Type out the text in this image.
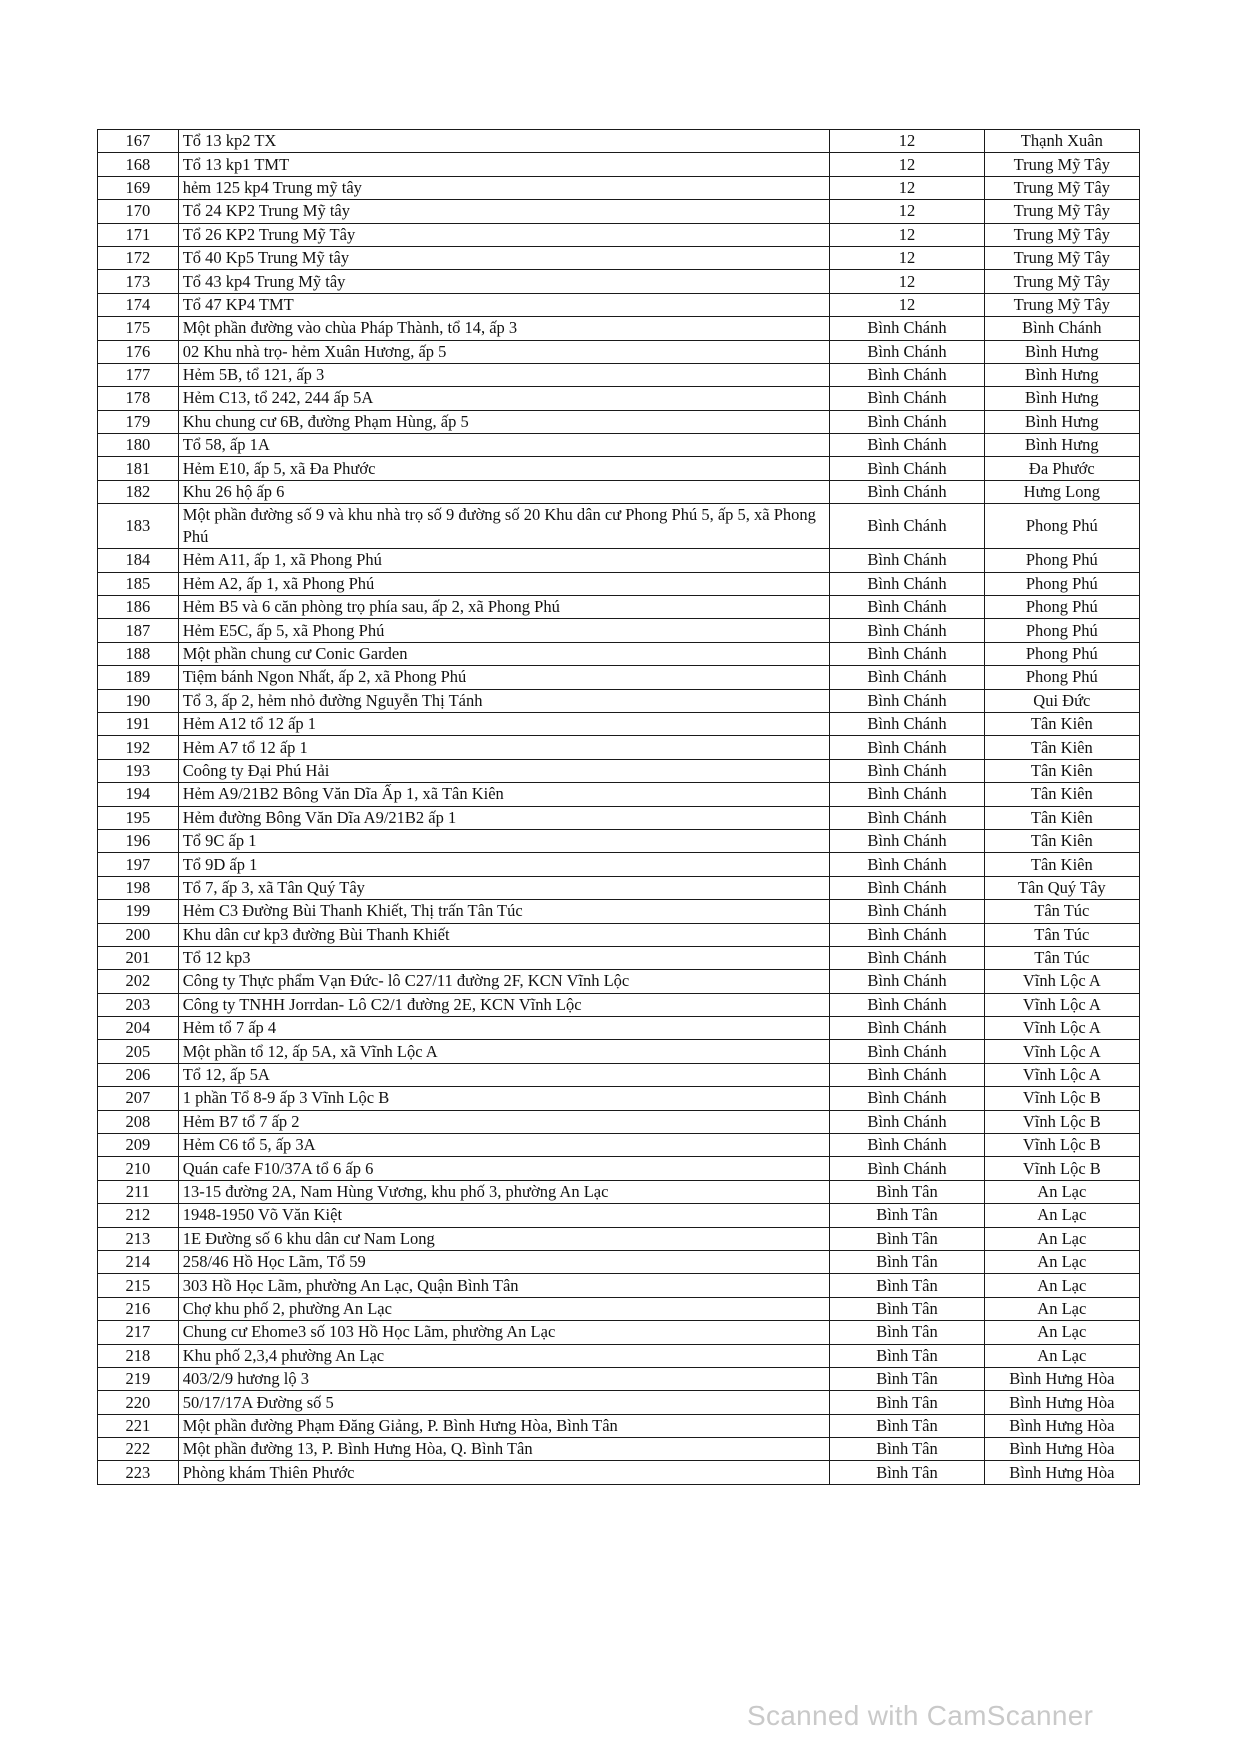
167	Tổ 13 kp2 TX	12	Thạnh Xuân
168	Tổ 13 kp1 TMT	12	Trung Mỹ Tây
169	hẻm 125 kp4 Trung mỹ tây	12	Trung Mỹ Tây
170	Tổ 24 KP2 Trung Mỹ tây	12	Trung Mỹ Tây
171	Tổ 26 KP2 Trung Mỹ Tây	12	Trung Mỹ Tây
172	Tổ 40 Kp5 Trung Mỹ tây	12	Trung Mỹ Tây
173	Tổ 43 kp4 Trung Mỹ tây	12	Trung Mỹ Tây
174	Tổ 47 KP4 TMT	12	Trung Mỹ Tây
175	Một phần đường vào chùa Pháp Thành, tổ 14, ấp 3	Bình Chánh	Bình Chánh
176	02 Khu nhà trọ- hẻm Xuân Hương, ấp 5	Bình Chánh	Bình Hưng
177	Hẻm 5B, tổ 121, ấp 3	Bình Chánh	Bình Hưng
178	Hẻm C13, tổ 242, 244 ấp 5A	Bình Chánh	Bình Hưng
179	Khu chung cư 6B, đường Phạm Hùng, ấp 5	Bình Chánh	Bình Hưng
180	Tổ 58, ấp 1A	Bình Chánh	Bình Hưng
181	Hẻm E10, ấp 5, xã Đa Phước	Bình Chánh	Đa Phước
182	Khu 26 hộ ấp 6	Bình Chánh	Hưng Long
183	Một phần đường số 9 và khu nhà trọ số 9 đường số 20 Khu dân cư Phong Phú 5, ấp 5, xã Phong Phú	Bình Chánh	Phong Phú
184	Hẻm A11, ấp 1, xã Phong Phú	Bình Chánh	Phong Phú
185	Hẻm A2, ấp 1, xã Phong Phú	Bình Chánh	Phong Phú
186	Hẻm B5 và 6 căn phòng trọ phía sau, ấp 2, xã Phong Phú	Bình Chánh	Phong Phú
187	Hẻm E5C, ấp 5, xã Phong Phú	Bình Chánh	Phong Phú
188	Một phần chung cư Conic Garden	Bình Chánh	Phong Phú
189	Tiệm bánh Ngon Nhất, ấp 2, xã Phong Phú	Bình Chánh	Phong Phú
190	Tổ 3, ấp 2, hẻm nhỏ đường Nguyễn Thị Tánh	Bình Chánh	Qui Đức
191	Hẻm A12 tổ 12 ấp 1	Bình Chánh	Tân Kiên
192	Hẻm A7 tổ 12 ấp 1	Bình Chánh	Tân Kiên
193	Coông ty Đại Phú Hải	Bình Chánh	Tân Kiên
194	Hẻm A9/21B2 Bông Văn Dĩa Ấp 1, xã Tân Kiên	Bình Chánh	Tân Kiên
195	Hẻm đường Bông Văn Dĩa A9/21B2 ấp 1	Bình Chánh	Tân Kiên
196	Tổ 9C ấp 1	Bình Chánh	Tân Kiên
197	Tổ 9D ấp 1	Bình Chánh	Tân Kiên
198	Tổ 7, ấp 3, xã Tân Quý Tây	Bình Chánh	Tân Quý Tây
199	Hẻm C3 Đường Bùi Thanh Khiết, Thị trấn Tân Túc	Bình Chánh	Tân Túc
200	Khu dân cư kp3 đường Bùi Thanh Khiết	Bình Chánh	Tân Túc
201	Tổ 12 kp3	Bình Chánh	Tân Túc
202	Công ty Thực phẩm Vạn Đức- lô C27/11 đường 2F, KCN Vĩnh Lộc	Bình Chánh	Vĩnh Lộc A
203	Công ty TNHH Jorrdan- Lô C2/1 đường 2E, KCN Vĩnh Lộc	Bình Chánh	Vĩnh Lộc A
204	Hẻm tổ 7 ấp 4	Bình Chánh	Vĩnh Lộc A
205	Một phần tổ 12, ấp 5A, xã Vĩnh Lộc A	Bình Chánh	Vĩnh Lộc A
206	Tổ 12, ấp 5A	Bình Chánh	Vĩnh Lộc A
207	1 phần Tổ 8-9 ấp 3 Vĩnh Lộc B	Bình Chánh	Vĩnh Lộc B
208	Hẻm B7 tổ 7 ấp 2	Bình Chánh	Vĩnh Lộc B
209	Hẻm C6 tổ 5, ấp 3A	Bình Chánh	Vĩnh Lộc B
210	Quán cafe F10/37A tổ 6 ấp 6	Bình Chánh	Vĩnh Lộc B
211	13-15 đường 2A, Nam Hùng Vương, khu phố 3, phường An Lạc	Bình Tân	An Lạc
212	1948-1950 Võ Văn Kiệt	Bình Tân	An Lạc
213	1E Đường số 6 khu dân cư Nam Long	Bình Tân	An Lạc
214	258/46 Hồ Học Lãm, Tổ 59	Bình Tân	An Lạc
215	303 Hồ Học Lãm, phường An Lạc, Quận Bình Tân	Bình Tân	An Lạc
216	Chợ khu phố 2, phường An Lạc	Bình Tân	An Lạc
217	Chung cư Ehome3 số 103 Hồ Học Lãm, phường An Lạc	Bình Tân	An Lạc
218	Khu phố 2,3,4 phường An Lạc	Bình Tân	An Lạc
219	403/2/9 hương lộ 3	Bình Tân	Bình Hưng Hòa
220	50/17/17A Đường số 5	Bình Tân	Bình Hưng Hòa
221	Một phần đường Phạm Đăng Giảng, P. Bình Hưng Hòa, Bình Tân	Bình Tân	Bình Hưng Hòa
222	Một phần đường 13, P. Bình Hưng Hòa, Q. Bình Tân	Bình Tân	Bình Hưng Hòa
223	Phòng khám Thiên Phước	Bình Tân	Bình Hưng Hòa
Scanned with CamScanner
